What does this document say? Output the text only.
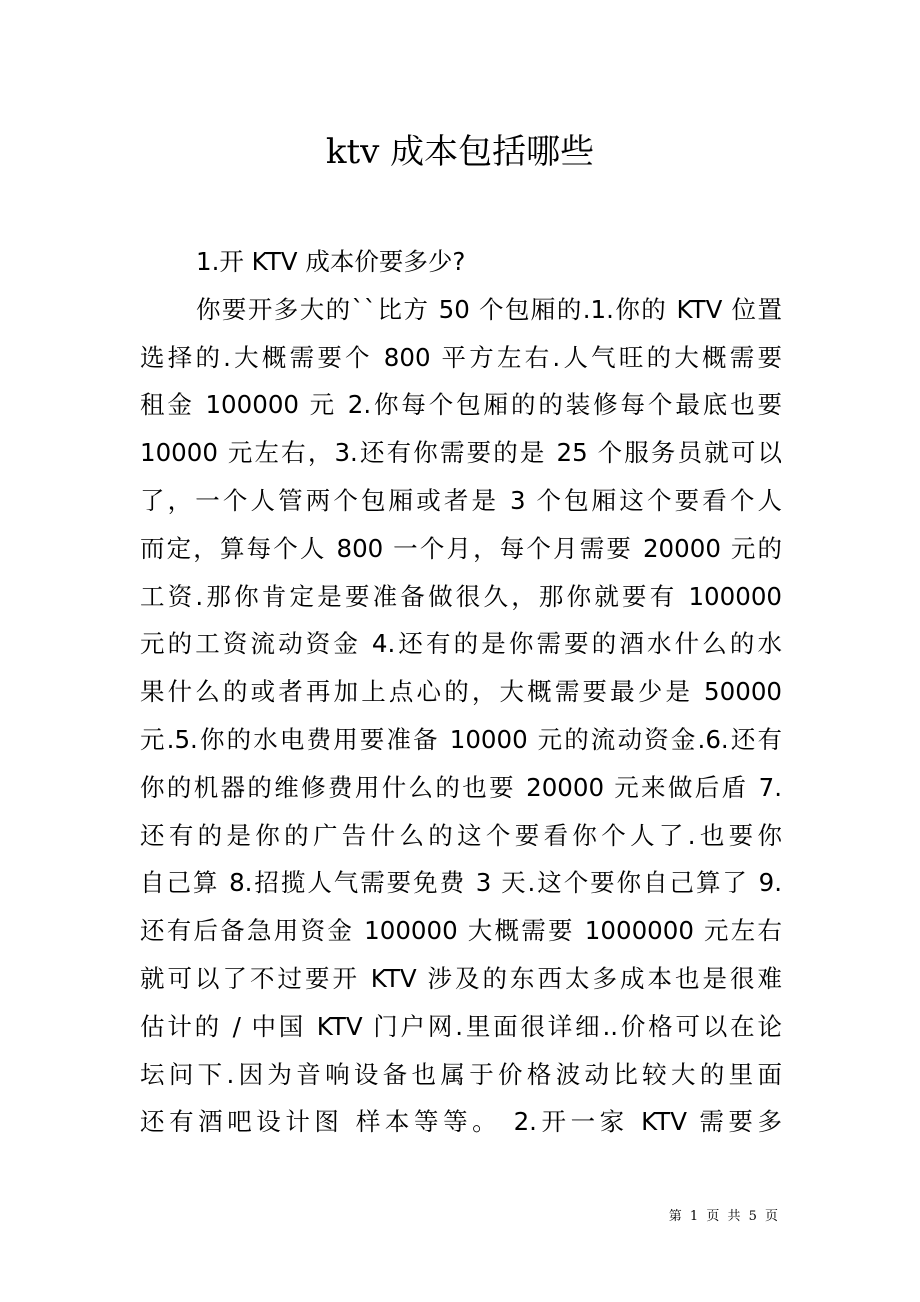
ktv 成本包括哪些
1.开 KTV 成本价要多少?
你要开多大的``比方 50 个包厢的.1.你的 KTV 位置
选择的.大概需要个 800 平方左右.人气旺的大概需要
租金 100000 元 2.你每个包厢的的装修每个最底也要
10000 元左右，3.还有你需要的是 25 个服务员就可以
了，一个人管两个包厢或者是 3 个包厢这个要看个人
而定，算每个人 800 一个月，每个月需要 20000 元的
工资.那你肯定是要准备做很久，那你就要有 100000
元的工资流动资金 4.还有的是你需要的酒水什么的水
果什么的或者再加上点心的，大概需要最少是 50000
元.5.你的水电费用要准备 10000 元的流动资金.6.还有
你的机器的维修费用什么的也要 20000 元来做后盾 7.
还有的是你的广告什么的这个要看你个人了.也要你
自己算 8.招揽人气需要免费 3 天.这个要你自己算了 9.
还有后备急用资金 100000 大概需要 1000000 元左右
就可以了不过要开 KTV 涉及的东西太多成本也是很难
估计的 / 中国 KTV 门户网.里面很详细..价格可以在论
坛问下.因为音响设备也属于价格波动比较大的里面
还有酒吧设计图 样本等等。 2.开一家 KTV 需要多
第 1 页 共 5 页
